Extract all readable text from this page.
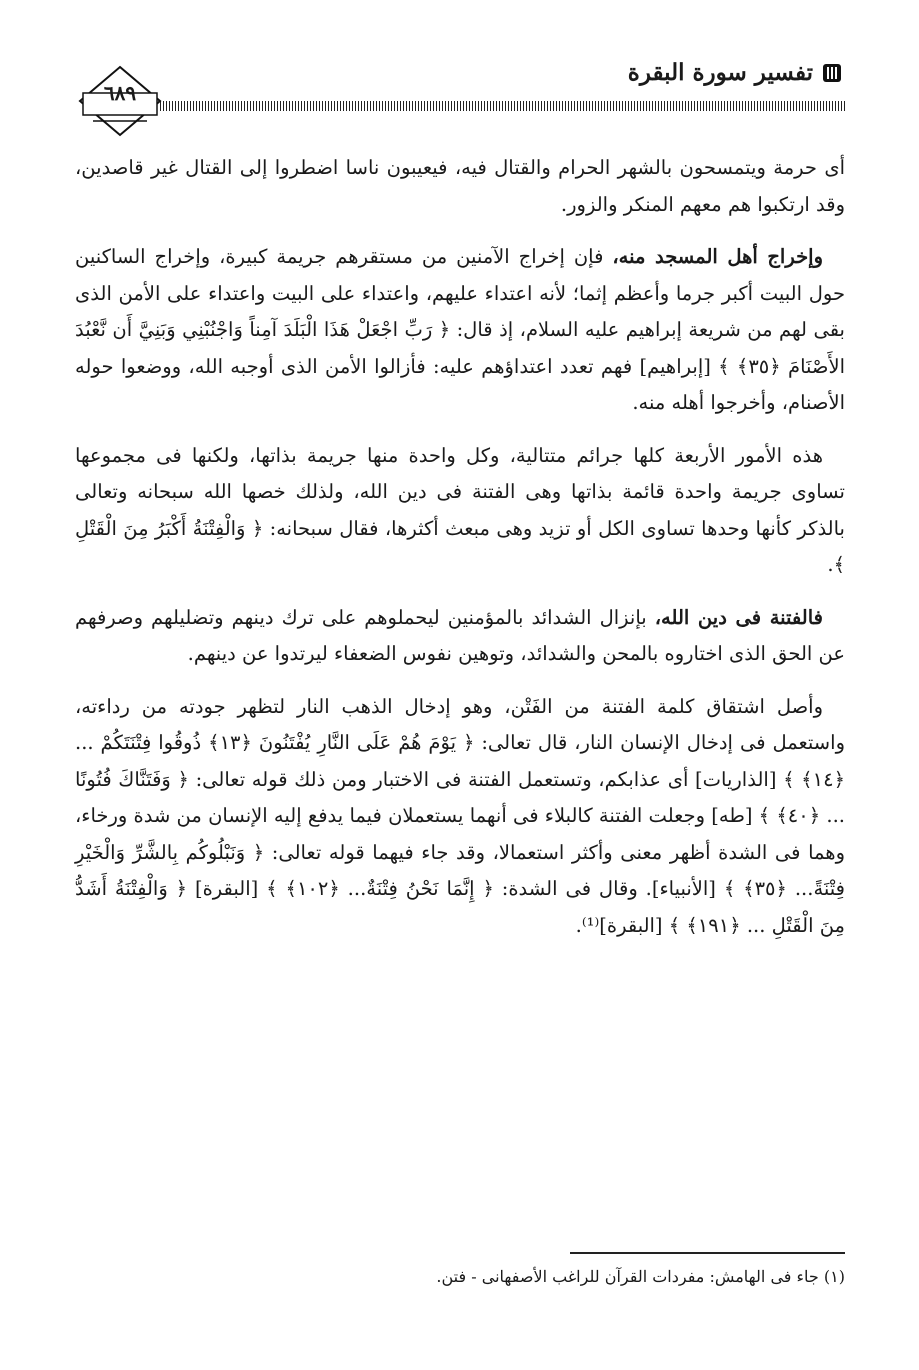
تفسير سورة البقرة
٦٨٩

أى حرمة ويتمسحون بالشهر الحرام والقتال فيه، فيعيبون ناسا اضطروا إلى القتال غير قاصدين، وقد ارتكبوا هم معهم المنكر والزور.

وإخراج أهل المسجد منه، فإن إخراج الآمنين من مستقرهم جريمة كبيرة، وإخراج الساكنين حول البيت أكبر جرما وأعظم إثما؛ لأنه اعتداء عليهم، واعتداء على البيت واعتداء على الأمن الذى بقى لهم من شريعة إبراهيم عليه السلام، إذ قال: ﴿ رَبِّ اجْعَلْ هَذَا الْبَلَدَ آمِناً وَاجْنُبْنِي وَبَنِيَّ أَن نَّعْبُدَ الأَصْنَامَ ﴿٣٥﴾ ﴾ [إبراهيم] فهم تعدد اعتداؤهم عليه: فأزالوا الأمن الذى أوجبه الله، ووضعوا حوله الأصنام، وأخرجوا أهله منه.

هذه الأمور الأربعة كلها جرائم متتالية، وكل واحدة منها جريمة بذاتها، ولكنها فى مجموعها تساوى جريمة واحدة قائمة بذاتها وهى الفتنة فى دين الله، ولذلك خصها الله سبحانه وتعالى بالذكر كأنها وحدها تساوى الكل أو تزيد وهى مبعث أكثرها، فقال سبحانه: ﴿ وَالْفِتْنَةُ أَكْبَرُ مِنَ الْقَتْلِ ﴾.

فالفتنة فى دين الله، بإنزال الشدائد بالمؤمنين ليحملوهم على ترك دينهم وتضليلهم وصرفهم عن الحق الذى اختاروه بالمحن والشدائد، وتوهين نفوس الضعفاء ليرتدوا عن دينهم.

وأصل اشتقاق كلمة الفتنة من الفَتْن، وهو إدخال الذهب النار لتظهر جودته من رداءته، واستعمل فى إدخال الإنسان النار، قال تعالى: ﴿ يَوْمَ هُمْ عَلَى النَّارِ يُفْتَنُونَ ﴿١٣﴾ ذُوقُوا فِتْنَتَكُمْ ... ﴿١٤﴾ ﴾ [الذاريات] أى عذابكم، وتستعمل الفتنة فى الاختبار ومن ذلك قوله تعالى: ﴿ وَفَتَنَّاكَ فُتُونًا ... ﴿٤٠﴾ ﴾ [طه] وجعلت الفتنة كالبلاء فى أنهما يستعملان فيما يدفع إليه الإنسان من شدة ورخاء، وهما فى الشدة أظهر معنى وأكثر استعمالا، وقد جاء فيهما قوله تعالى: ﴿ وَنَبْلُوكُم بِالشَّرِّ وَالْخَيْرِ فِتْنَةً... ﴿٣٥﴾ ﴾ [الأنبياء]. وقال فى الشدة: ﴿ إِنَّمَا نَحْنُ فِتْنَةٌ... ﴿١٠٢﴾ ﴾ [البقرة] ﴿ وَالْفِتْنَةُ أَشَدُّ مِنَ الْقَتْلِ ... ﴿١٩١﴾ ﴾ [البقرة]⁽¹⁾.

(١) جاء فى الهامش: مفردات القرآن للراغب الأصفهانى - فتن.
